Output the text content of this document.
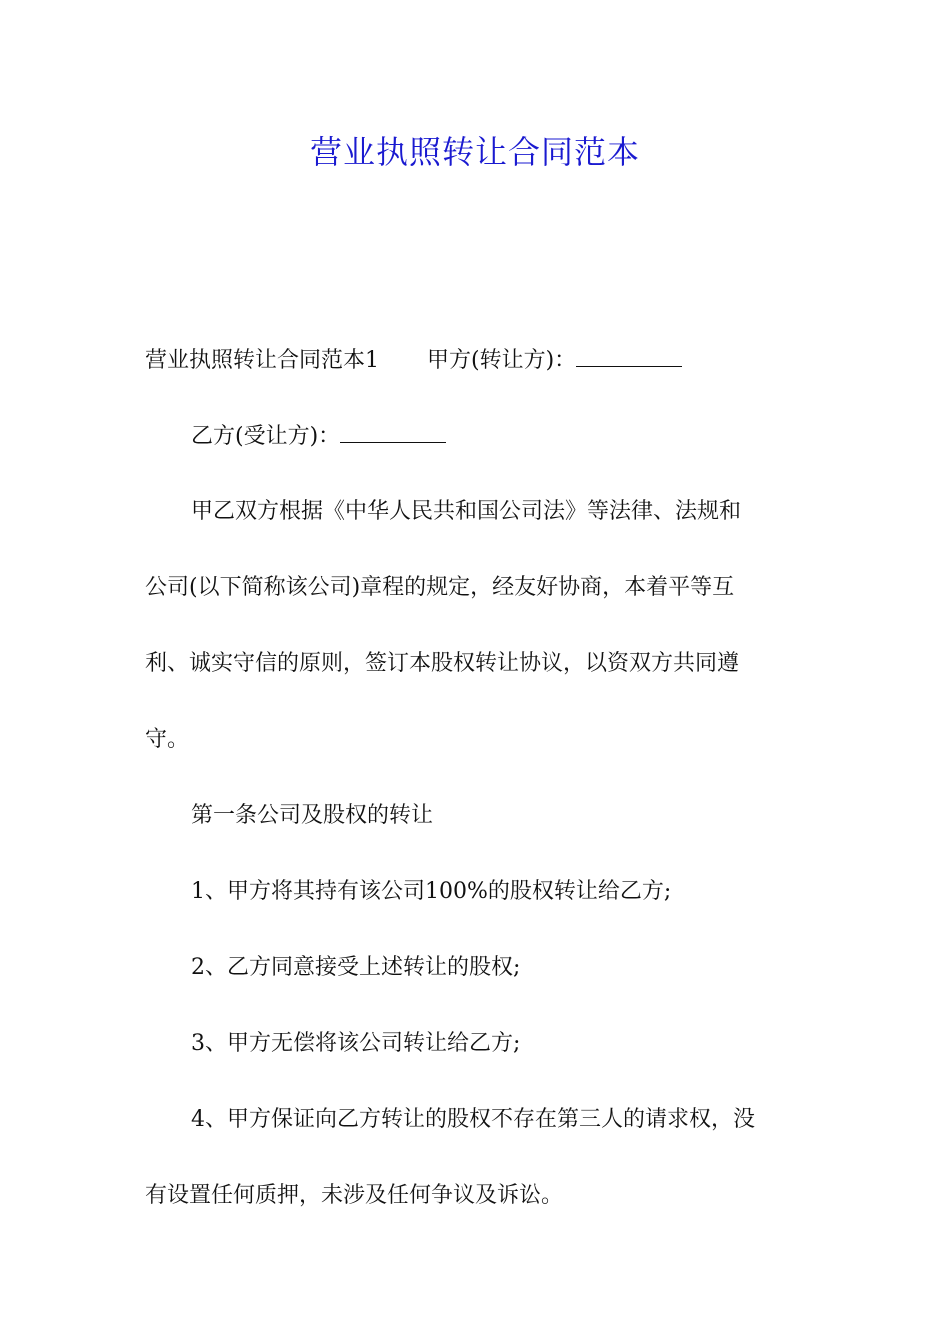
营业执照转让合同范本
营业执照转让合同范本1 甲方(转让方)：
乙方(受让方)：
甲乙双方根据《中华人民共和国公司法》等法律、法规和
公司(以下简称该公司)章程的规定，经友好协商，本着平等互
利、诚实守信的原则，签订本股权转让协议，以资双方共同遵
守。
第一条公司及股权的转让
1、甲方将其持有该公司100%的股权转让给乙方;
2、乙方同意接受上述转让的股权;
3、甲方无偿将该公司转让给乙方;
4、甲方保证向乙方转让的股权不存在第三人的请求权，没
有设置任何质押，未涉及任何争议及诉讼。
